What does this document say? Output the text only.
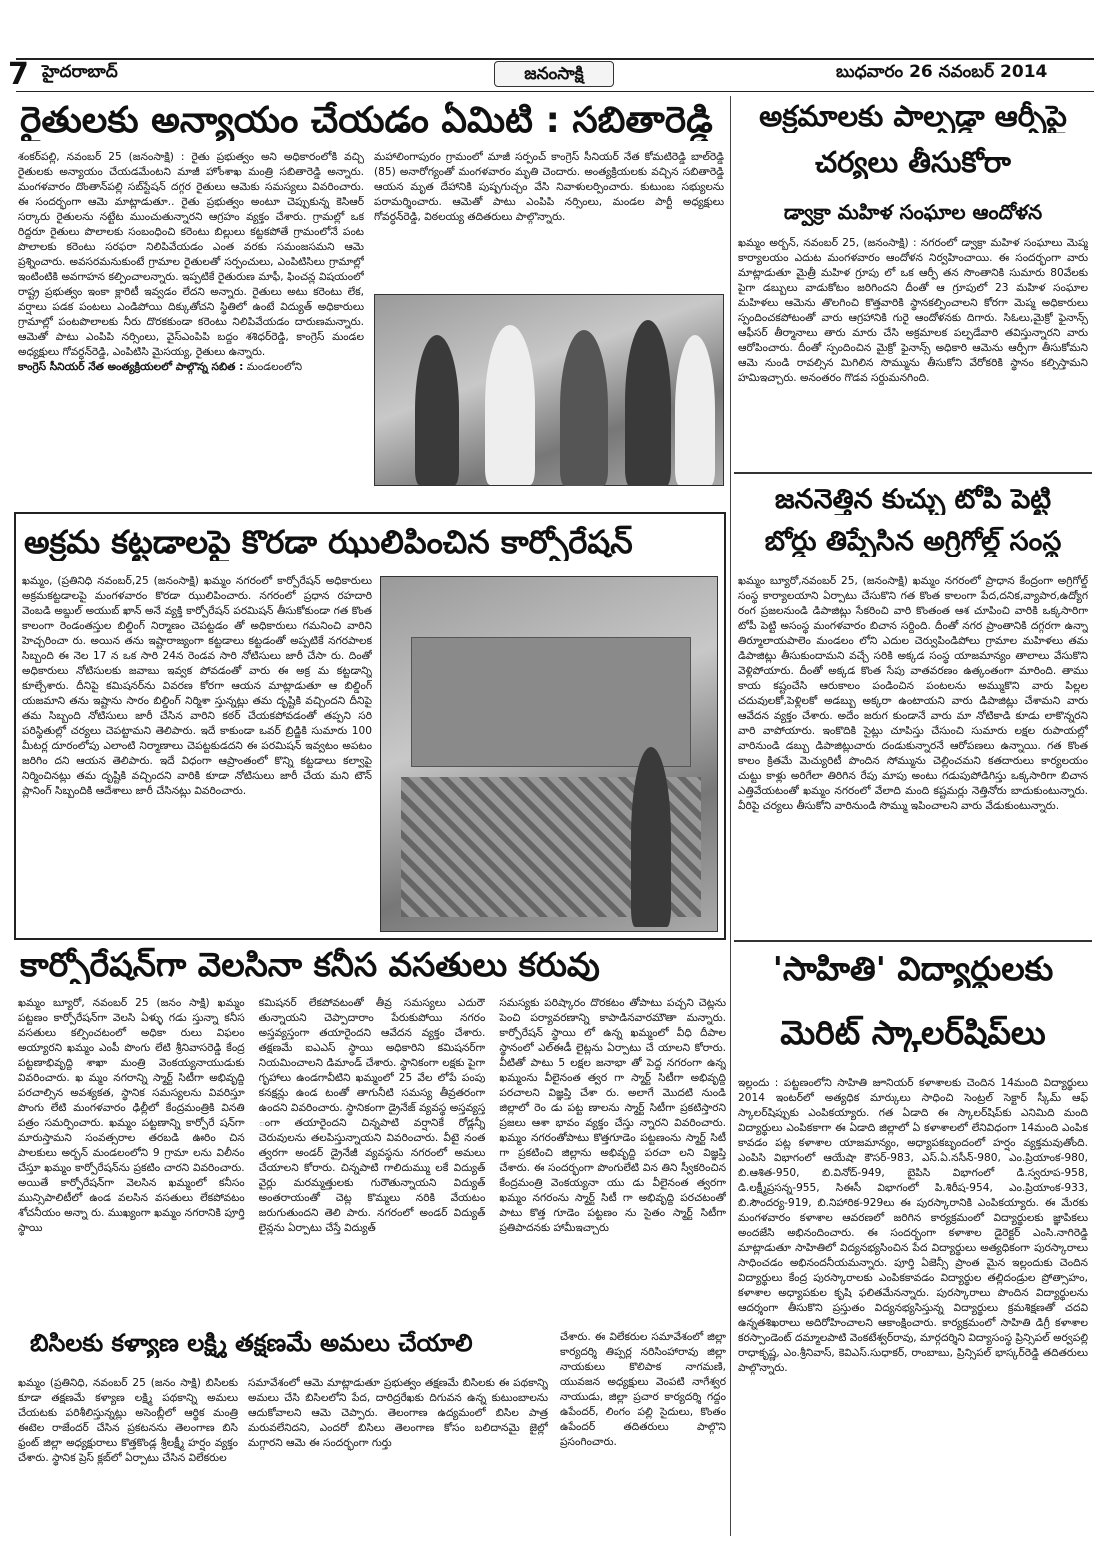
7 హైదరాబాద్‌	జనంసాక్షి	బుధవారం 26 నవంబర్‌ 2014
రైతులకు అన్యాయం చేయడం ఏమిటి : సబితారెడ్డి

శంకర్‌పల్లి, నవంబర్‌ 25 (జనంసాక్షి) : రైతు ప్రభుత్వం అని అధికారంలోకి వచ్చి రైతులకు అన్యాయం చేయడమేంటని మాజీ హోంశాఖ మంత్రి సబితారెడ్డి అన్నారు. మంగళవారం దొంతాన్‌పల్లి సబ్‌స్టేషన్‌ దగ్గర రైతులు ఆమెకు సమస్యలు వివరించారు. ఈ సందర్భంగా ఆమె మాట్లాడుతూ.. రైతు ప్రభుత్వం అంటూ చెప్పుకున్న కెసిఆర్‌ సర్కారు రైతులను నట్టేట ముంచుతున్నారని ఆగ్రహం వ్యక్తం చేశారు. గ్రామల్లో ఒక రిద్దరూ రైతులు పొలాలకు సంబంధించి కరెంటు బిల్లులు కట్టకపోతే గ్రామంలోనే పంట పొలాలకు కరెంటు సరఫరా నిలిపివేయడం ఎంత వరకు సమంజసమని ఆమె ప్రశ్నించారు. అవసరమనుకుంటే గ్రామాల రైతులతో సర్పంచులు, ఎంపిటిసిలు గ్రామాల్లో ఇంటింటికి అవగాహన కల్పించాలన్నారు. ఇప్పటికే రైతురుణ మాఫీ, ఫించన్ల విషయంలో రాష్ట్ర ప్రభుత్వం ఇంకా క్లారిటీ ఇవ్వడం లేదని అన్నారు. రైతులు అటు కరెంటు లేక, వర్షాలు పడక పంటలు ఎండిపోయి దిక్కుతోచని స్థితిలో ఉంటే విద్యుత్‌ అధికారులు గ్రామాల్లో పంటపొలాలకు నీరు దొరకకుండా కరెంటు నిలిపివేయడం దారుణమన్నారు. ఆమెతో పాటు ఎంపిపి నర్సింలు, వైస్‌ఎంపిపి బద్దం శశిధర్‌రెడ్డి, కాంగ్రెస్‌ మండల అధ్యక్షులు గోవర్ధన్‌రెడ్డి, ఎంపిటిసి మైసయ్య, రైతులు ఉన్నారు.

కాంగ్రెస్‌ సీనియర్‌ నేత అంత్యక్రియలలో పాల్గొన్న సబిత : మండలంలోని

మహాలింగాపురం గ్రామంలో మాజీ సర్పంచ్‌ కాంగ్రెస్‌ సీనియర్‌ నేత కోమటిరెడ్డి బాల్‌రెడ్డి (85) అనారోగ్యంతో మంగళవారం మృతి చెందారు. అంత్యక్రియలకు వచ్చిన సబితారెడ్డి ఆయన మృత దేహానికి పుష్పగుచ్చం వేసి నివాళులర్పించారు. కుటుంబ సభ్యులను పరామర్శించారు. ఆమెతో పాటు ఎంపిపి నర్సింలు, మండల పార్టీ అధ్యక్షులు గోవర్ధన్‌రెడ్డి, విఠలయ్య తదితరులు పాల్గొన్నారు.

అక్రమాలకు పాల్పడ్డా ఆర్పీపై
చర్యలు తీసుకోరా
డ్వాక్రా మహిళ సంఘాల ఆందోళన

ఖమ్మం అర్బన్‌, నవంబర్‌ 25, (జనంసాక్షి) : నగరంలో డ్వాక్రా మహిళ సంఘాలు మెప్మ కార్యాలయం ఎదుట మంగళవారం ఆందోళన నిర్వహించాయి. ఈ సందర్భంగా వారు మాట్లాడుతూ మైత్రీ మహిళ గ్రూపు లో ఒక ఆర్పీ తన సొంతానికి సుమారు 80వేలకు పైగా డబ్బులు వాడుకోటం జరిగిందని దీంతో ఆ గ్రూపులో 23 మహిళ సంఘాల మహిళలు ఆమెను తొలగించి కొత్తవారికి స్థానకల్పించాలని కోరగా మెప్మ అధికారులు స్పందించకపోటంతో వారు ఆగ్రహానికి గురై ఆందోళనకు దిగారు. సిఓలు,మైక్రో ఫైనాన్స్‌ ఆఫీసర్‌ తీర్మానాలు తారు మారు చేసి అక్రమాలక పల్పడేవారి తవిస్తున్నారని వారు ఆరోపించారు. దీంతో స్పందించిన మైక్రో ఫైనాన్స్‌ అధికారి ఆమెను ఆర్పీగా తీసుకోమని ఆమె నుండి రావల్సిన మిగిలిన సొమ్మును తీసుకోని వేరోకరికి స్థానం కల్పిస్తామని హమిఇచ్చారు. అనంతరం గొడవ సర్దుమనగింది.

జననెత్తిన కుచ్చు టోపి పెట్టి
బోర్డు తిప్పేసిన అగ్రిగోల్డ్‌ సంస్థ

ఖమ్మం బ్యూరో,నవంబర్‌ 25, (జనంసాక్షి) ఖమ్మం నగరంలో ప్రాధాన కేంద్రంగా అగ్రిగోల్డ్‌ సంస్థ కార్యాలయాని ఏర్పాటు చేసుకొని గత కొంత కాలంగా పేద,దనిక,వ్యాపార,ఉద్యోగ రంగ ప్రజలనుండి డిపాజిట్లు సేకరించి వారి కొంతంత ఆశ చూపించి వారికి ఒక్కసారిగా టోపీ పెట్టి అసంస్థ మంగళవారం బిచాన సర్దింది. దీంతో నగర ప్రాంతానికి దగ్గరగా ఉన్నా తిర్మూలాయపాలెం మండలం లోని ఎదుల చెర్వుపిండిపోలు గ్రామాల మహిళలు తమ డిపాజిట్లు తీసుకుందామని వచ్చే సరికి అక్కడ సంస్థ యాజమాన్యం తాలాలు వేసుకొని వెళ్లిపోయారు. దీంతో అక్కడ కొంత సేపు వాతవరణం ఉత్కంతంగా మారింది. తాము కాయ కష్టంచేసి ఆరుకాలం పండించిన పంటలను అమ్ముకొని వారు పిల్లల చదువులకో,పెళ్లిలకో అడబ్బు అక్కరా ఉంటాయని వారు డిపాజిట్లు చేశామని వారు ఆవేదన వ్యక్తం చేశారు. అదేం జరుగ కుండానే వారు మా నోటికాడి కూడు లాకొన్నరని వారి వాపోయారు. ఇంకొదికి సైట్లు చూపిస్తు చేసుంచి సుమారు లక్షల రుపాయల్లో వారినుండి డబ్బు డిపాజిట్లుచారు దండుకున్నారనే ఆరోపణలు ఉన్నాయి. గత కొంత కాలం క్రితమే మెచ్యురిటీ పొందిన సోమ్మును చెల్లించమని కతదారులు కార్యలయం చుట్టు కాళ్లు అరిగేలా తిరిగిన రేపు మాపు అంటు గడుపుపోడిగిస్తు ఒక్కసారిగా బిచాన ఎత్తివేయటంతో ఖమ్మం నగరంలో వేలాది మంది కష్టమర్లు నెత్తినోరు బాదుకుంటున్నారు. వీరిపై చర్యలు తీసుకోని వారినుండి సొమ్ము ఇపించాలని వారు వేడుకుంటున్నారు.

అక్రమ కట్టడాలపై కొరడా ఝులిపించిన కార్పోరేషన్‌

ఖమ్మం, (ప్రతినిధి నవంబర్‌,25 (జనంసాక్షి) ఖమ్మం నగరంలో కార్పోరేషన్‌ అధికారులు అక్రమకట్టడాలపై మంగళవారం కొరడా ఝులిపించారు. నగరంలో ప్రధాన రహదారి వెంబడి అబ్దుల్‌ అయుబ్‌ ఖాన్‌ అనే వ్యక్తి కార్పోరేషన్‌ పరమిషన్‌ తీసుకోకుండా గత కొంత కాలంగా రెండంతస్తుల బిల్డింగ్‌ నిర్మాణం చెపట్టడం తో అధికారులు గమనించి వారిని హెచ్చరించా రు. అయిన తను ఇష్టారాజ్యంగా కట్టడాలు కట్టడంతో అప్పటికే నగరపాలక సిబ్బంది ఈ నెల 17 న ఒక సారి 24న రెండవ సారి నోటిసులు జారీ చేసా రు. దింతో అధికారులు నోటిసులకు జవాబు ఇవ్వక పోవడంతో వారు ఈ అక్ర మ కట్టడాన్ని కూల్చేశారు. దీనిపై కమిషనర్‌ను వివరణ కోరగా ఆయన మాట్లాడుతూ ఆ బిల్డింగ్‌ యజమాని తను ఇష్టాను సారం బిల్డింగ్‌ నిర్మిశా స్తున్నట్లు తమ దృష్టికి వచ్చిందని దీనిపై తమ సిబ్బంది నోటిసులు జారీ చేసిన వారిని కఠర్‌ చేయకపోవడంతో తప్పని సరి పరిస్థితుల్లో చర్యలు చెపట్టామని తెలిపారు. ఇదే కాకుండా ఒవర్‌ బ్రిడ్జికి సుమారు 100 మీటర్ల దూరంలోపు ఎలాంటి నిర్మాణాలు చెపట్టకుడదని ఈ పరమిషన్‌ ఇవ్వటం అపటం జరిగిం దని ఆయన తెలిపారు. ఇదే విధంగా ఆప్రాంతంలో కొన్ని కట్టడాలు కల్వాపై నిర్మించినట్లు తమ దృష్టికి వచ్చిందని వారికి కూడా నోటిసులు జారీ చేయ మని టౌన్‌ ప్లానింగ్‌ సిబ్బందికి ఆదేశాలు జారీ చేసినట్లు వివరించారు.

కార్పోరేషన్‌గా వెలసినా కనీస వసతులు కరువు

ఖమ్మం బ్యూరో, నవంబర్‌ 25 (జనం సాక్షి) ఖమ్మం పట్టణం కార్పోరేషన్‌గా వెలసి ఏళ్ళు గడు స్తున్నా కనీస వసతులు కల్పించటంలో అధికా రులు విఫలం అయ్యారని ఖమ్మం ఎంపీ పొంగు లేటి శ్రీనివాసరెడ్డి కేంద్ర పట్టణాభివృద్ది శాఖా మంత్రి వెంకయ్యనాయుడుకు వివరించారు. ఖ మ్మం నగరాన్ని స్మార్ట్‌ సిటీగా అభివృద్ది పరచాల్సిన అవశ్యకత, స్థానిక సమస్యలను వివరిస్తూ పొంగు లేటి మంగళవారం ఢిల్లీలో కేంద్రమంత్రికి వినతి పత్రం సమర్పించారు. ఖమ్మం పట్టణాన్ని కార్పోరే షన్‌గా మారుస్తామని సంవత్సరాల తరబడి ఊరిం చిన పాలకులు అర్బన్‌ మండలంలోని 9 గ్రామా లను విలీనం చేస్తూ ఖమ్మం కార్పోరేషన్‌ను ప్రకటిం చారని వివరించారు. అయితే కార్పోరేషన్‌గా వెలసిన ఖమ్మంలో కనీసం మున్సిపాలిటీలో ఉండ వలసిన వసతులు లేకపోవటం శోచనీయం అన్నా రు. ముఖ్యంగా ఖమ్మం నగరానికి పూర్తి స్థాయి

కమిషనర్‌ లేకపోవటంతో తీవ్ర సమస్యలు ఎదురౌ తున్నాయని చెప్పాదారాం పేరుకుపోయి నగరం అస్తవ్యస్తంగా తయారైందని ఆవేదన వ్యక్తం చేశారు. తక్షణమే ఐఎఎస్‌ స్థాయి అధికారిని కమిషనర్‌గా నియమించాలని డిమాండ్‌ చేశారు. స్థానికంగా లక్షకు పైగా గృహాలు ఉండగావీటిని ఖమ్మంలో 25 వేల లోపే పంపు కనక్షన్లు ఉండ టంతో తాగునీటి సమస్య తీవ్రతరంగా ఉందని వివరించారు. స్థానికంగా డ్రైనేజ్‌ వ్యవస్థ అస్తవ్యస్త ంగా తయారైందని చిన్నపాటి వర్షానికే రోడ్లన్నీ చెరువులను తలపిస్తున్నాయని వివరించారు. వీటై నంత త్వరగా అండర్‌ డ్రైనేజీ వ్యవస్థను నగరంలో అమలు చేయాలని కోరారు. చిన్నపాటి గాలిదుమ్ము లకే విద్యుత్‌ వైర్లు మరమ్మత్తులకు గురౌతున్నాయని విద్యుత్‌ అంతరాయంతో చెట్ల కొమ్మలు నరికి వేయటం జరుగుతుందని తెలి పారు. నగరంలో అండర్‌ విద్యుత్‌ లైన్లను ఏర్పాటు చేస్తే విద్యుత్‌

సమస్యకు పరిష్కారం దొరకటం తోపాటు పచ్చని చెట్లను పెంచి పర్యావరణాన్ని కాపాడినవారమౌతా మన్నారు. కార్పోరేషన్‌ స్థాయి లో ఉన్న ఖమ్మంలో వీధి దీపాల స్థానంలో ఎల్‌ఈడీ లైట్లను ఏర్పాటు చే యాలని కోరారు. వీటితో పాటు 5 లక్షల జనాభా తో పెద్ద నగరంగా ఉన్న ఖమ్మంను వీలైనంత త్వర గా స్మార్ట్‌ సిటీగా అభివృద్ది పరచాలని విజ్ఞప్తి చేశా రు. అలాగే మొదటి నుండి జిల్లాలో రెం డు పట్ట ణాలను స్మార్ట్‌ సిటీగా ప్రకటిస్తారని ప్రజలు ఆశా భావం వ్యక్తం చేస్తు న్నారని వివరించారు. ఖమ్మం నగరంతోపాటు కొత్తగూడెం పట్టణంను స్మార్ట్‌ సిటీ గా ప్రకటించి జిల్లాను అభివృద్ది పరచా లని విజ్ఞప్తి చేశారు. ఈ సందర్భంగా పొంగులేటి విన తిని స్వీకరించిన కేంద్రమంత్రి వెంకయ్యనా యు డు వీలైనంత త్వరగా ఖమ్మం నగరంను స్మార్ట్‌ సిటీ గా అభివృద్ది పరచటంతో పాటు కొత్త గూడెం పట్టణం ను సైతం స్మార్ట్‌ సిటీగా ప్రతిపాదనకు హామీఇచ్చారు

బిసిలకు కళ్యాణ లక్ష్మి తక్షణమే అమలు చేయాలి

ఖమ్మం (ప్రతినిధి, నవంబర్‌ 25 (జనం సాక్షి) బిసిలకు కూడా తక్షణమే కళ్యాణ లక్ష్మి పథకాన్ని అమలు చేయటకు పరిశీలిస్తున్నట్లు అసెంబ్లీలో ఆర్థిక మంత్రి ఈటెల రాజేందర్‌ చేసిన ప్రకటనను తెలంగాణ బిసి ఫ్రంట్‌ జిల్లా అధ్యక్షురాలు కొత్తకొండ్ల శ్రీలక్ష్మీ హర్షం వ్యక్తం చేశారు. స్థానిక ప్రెస్‌ క్లబ్‌లో ఏర్పాటు చేసిన విలేకరుల

సమావేశంలో ఆమె మాట్లాడుతూ ప్రభుత్వం తక్షణమే బిసిలకు ఈ పథకాన్ని అమలు చేసి బిసిలలోని పేద, దారిద్రరేఖకు దిగువన ఉన్న కుటుంబాలను ఆదుకోవాలని ఆమె చెప్పారు. తెలంగాణ ఉద్యమంలో బిసిల పాత్ర మరువలేనిదని, ఎందరో బిసిలు తెలంగాణ కోసం బలిదానమై జైల్లో మగ్గారని ఆమె ఈ సందర్భంగా గుర్తు

చేశారు. ఈ విలేకరుల సమావేశంలో జిల్లా కార్యదర్శి తిప్పర్ల నరిసింహారావు జిల్లా నాయకులు కొలిపాక నాగమణి, యువజన అధ్యక్షులు వెంపటి నాగేశ్వర నాయుడు, జిల్లా ప్రచార కార్యదర్శి గద్దం ఉపేందర్‌, లింగం పల్లి సైదులు, కొంతం ఉపేందర్‌ తదితరులు పాల్గొని ప్రసంగించారు.

'సాహితి' విద్యార్థులకు
మెరిట్‌ స్కాలర్‌షిప్‌లు

ఇల్లందు : పట్టణంలోని సాహితి జూనియర్‌ కళాశాలకు చెందిన 14మంది విద్యార్థులు 2014 ఇంటర్‌లో అత్యధిక మార్కులు సాధించి సెంట్రల్‌ సెక్టార్‌ స్కీమ్‌ ఆఫ్‌ స్కాలర్‌షిప్పుకు ఎంపికయ్యారు. గత ఏడాది ఈ స్కాలర్‌షిప్‌కు ఎనిమిది మంది విద్యార్థులు ఎంపికకాగా ఈ ఏడాది జిల్లాలో ఏ కళాశాలలో లేనివిధంగా 14మంది ఎంపిక కావడం పట్ల కళాశాల యాజమాన్యం, అధ్యాపకబృందంలో హర్షం వ్యక్తమవుతోంది. ఎంపిసి విభాగంలో ఆయేషా కౌసర్‌-983, ఎస్‌.ఏ.నసీన్‌-980, ఎం.ప్రియాంక-980, బి.ఆశిత-950, బి.వినోద్‌-949, బైపిసి విభాగంలో డి.స్వరూప-958, డి.లక్ష్మీప్రసన్న-955, సిఈసీ విభాగంలో పి.శిరీష-954, ఎం.ప్రియాంక-933, బి.సౌందర్య-919, బి.నిహారిక-929లు ఈ పురస్కారానికి ఎంపికయ్యారు. ఈ మేరకు మంగళవారం కళాశాల ఆవరణలో జరిగిన కార్యక్రమంలో విద్యార్థులకు జ్ఞాపికలు అందజేసి అభినందించారు. ఈ సందర్భంగా కళాశాల డైరెక్టర్‌ ఎంసి.నాగిరెడ్డి మాట్లాడుతూ సాహితిలో విద్యనభ్యసించిన పేద విద్యార్థులు అత్యధికంగా పురస్కారాలు సాధించడం అభినందనీయమన్నారు. పూర్తి ఏజెన్సీ ప్రాంత మైన ఇల్లందుకు చెందిన విద్యార్థులు కేంద్ర పురస్కారాలకు ఎంపికకావడం విద్యార్థుల తల్లిదండ్రుల ప్రోత్సాహం, కళాశాల అధ్యాపకుల కృషి ఫలితమేనన్నారు. పురస్కారాలు పొందిన విద్యార్థులను ఆదర్శంగా తీసుకొని ప్రస్తుతం విద్యనభ్యసిస్తున్న విద్యార్థులు క్రమశిక్షణతో చదవి ఉన్నతశిఖరాలు అదిరోహించాలని ఆకాంక్షించారు. కార్యక్రమంలో సాహితి డిగ్రీ కళాశాల కరస్పాండెంట్‌ దమ్మాలపాటి వెంకటేశ్వర్‌రావు, మార్గదర్శిని విద్యాసంస్థ ప్రిన్సిపల్‌ అర్వపల్లి రాధాకృష్ణ, ఎం.శ్రీనివాస్‌, కెవిఎస్‌.సుధాకర్‌, రాంబాబు, ప్రిన్సిపల్‌ భాస్కర్‌రెడ్డి తదితరులు పాల్గొన్నారు.
